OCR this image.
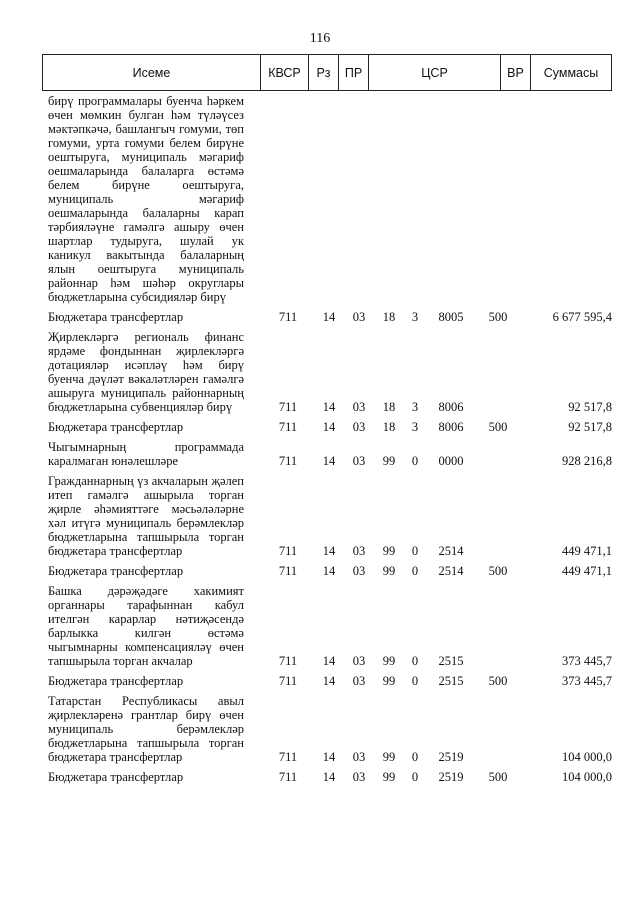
116
Исеме	КВСР	Рз	ПР	ЦСР	ВР	Суммасы
бирү программалары буенча һәркем өчен мөмкин булган һәм түләүсез мәктәпкәчә, башлангыч гомуми, төп гомуми, урта гомуми белем бирүне оештыруга, муниципаль мәгариф оешмаларында балаларга өстәмә белем бирүне оештыруга, муниципаль мәгариф оешмаларында балаларны карап тәрбияләүне гамәлгә ашыру өчен шартлар тудыруга, шулай ук каникул вакытында балаларның ялын оештыруга муниципаль районнар һәм шәһәр округлары бюджетларына субсидияләр бирү
Бюджетара трансфертлар	711	14	03	18	3	8005	500	6 677 595,4
Җирлекләргә региональ финанс ярдәме фондыннан җирлекләргә дотацияләр исәпләү һәм бирү буенча дәүләт вәкаләтләрен гамәлгә ашыруга муниципаль районнарның бюджетларына субвенцияләр бирү	711	14	03	18	3	8006	92 517,8
Бюджетара трансфертлар	711	14	03	18	3	8006	500	92 517,8
Чыгымнарның программада каралмаган юнәлешләре	711	14	03	99	0	0000	928 216,8
Гражданнарның үз акчаларын җәлеп итеп гамәлгә ашырыла торган җирле әһәмияттәге мәсьәләләрне хәл итүгә муниципаль берәмлекләр бюджетларына тапшырыла торган бюджетара трансфертлар	711	14	03	99	0	2514	449 471,1
Бюджетара трансфертлар	711	14	03	99	0	2514	500	449 471,1
Башка дәрәҗәдәге хакимият органнары тарафыннан кабул ителгән карарлар нәтиҗәсендә барлыкка килгән өстәмә чыгымнарны компенсацияләү өчен тапшырыла торган акчалар	711	14	03	99	0	2515	373 445,7
Бюджетара трансфертлар	711	14	03	99	0	2515	500	373 445,7
Татарстан Республикасы авыл җирлекләренә грантлар бирү өчен муниципаль берәмлекләр бюджетларына тапшырыла торган бюджетара трансфертлар	711	14	03	99	0	2519	104 000,0
Бюджетара трансфертлар	711	14	03	99	0	2519	500	104 000,0
